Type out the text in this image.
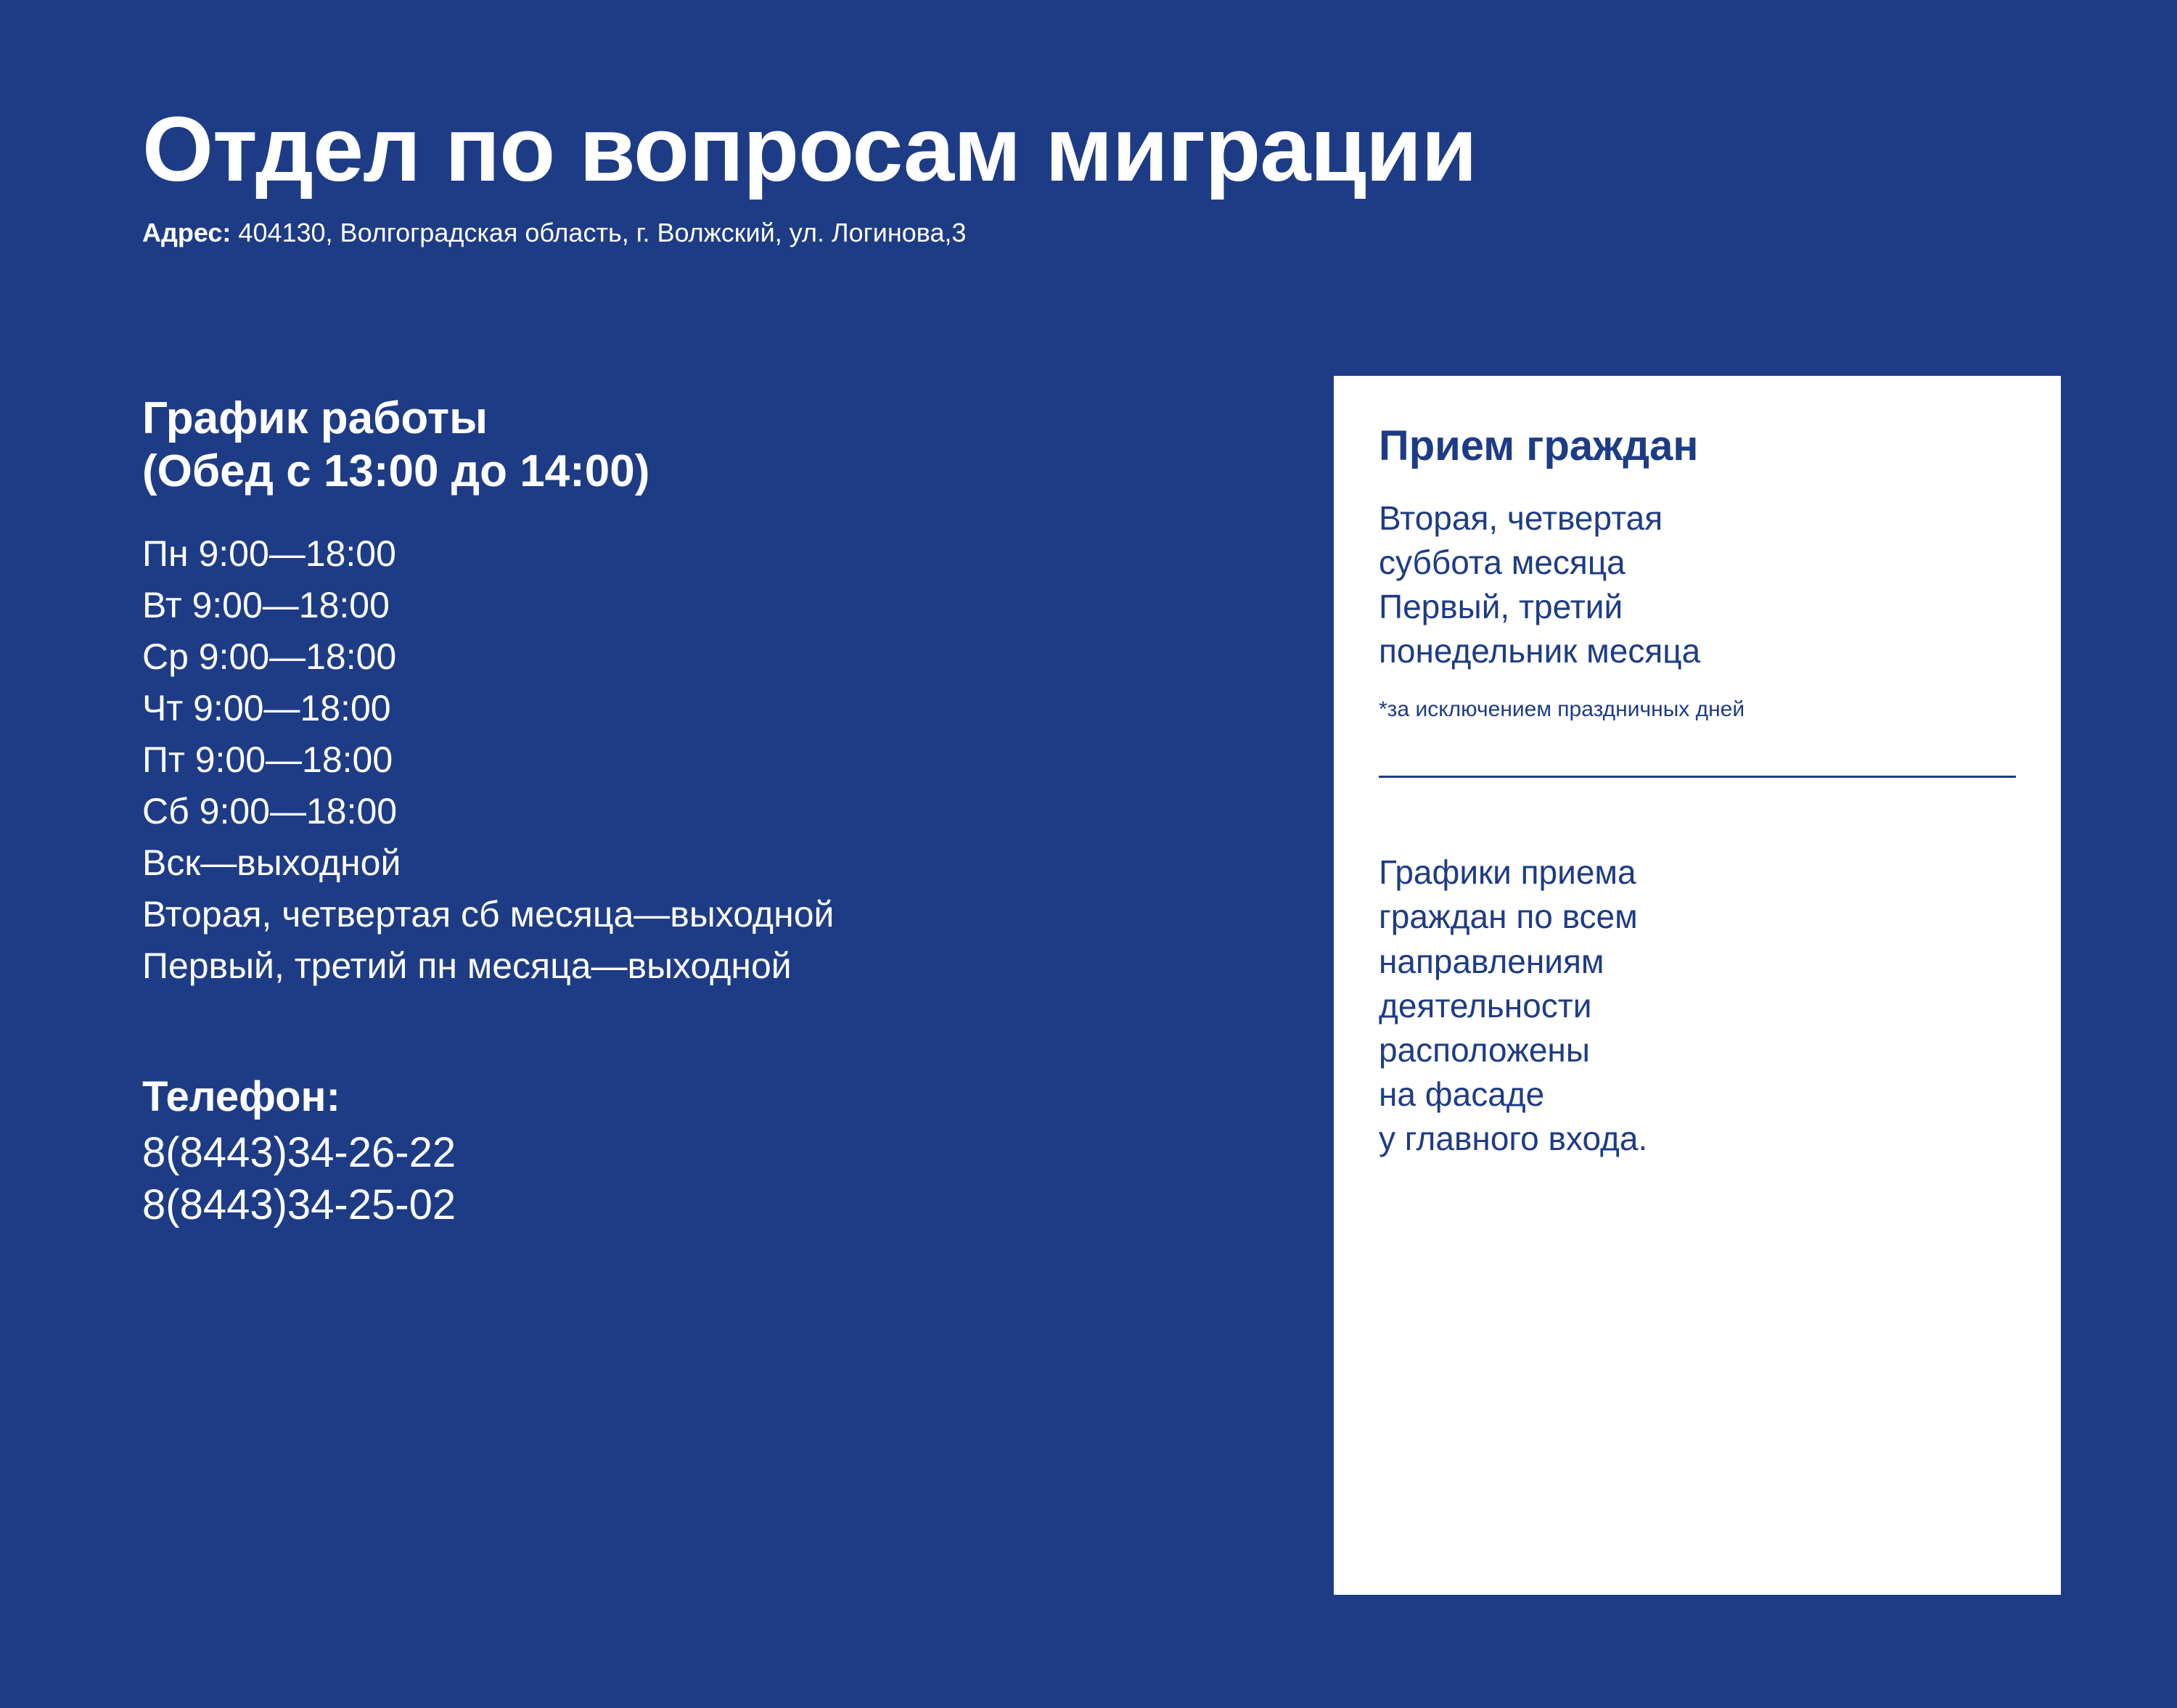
Отдел по вопросам миграции
Адрес: 404130, Волгоградская область, г. Волжский, ул. Логинова,3
График работы
(Обед с 13:00 до 14:00)
Пн 9:00—18:00
Вт 9:00—18:00
Ср 9:00—18:00
Чт 9:00—18:00
Пт 9:00—18:00
Сб 9:00—18:00
Вск—выходной
Вторая, четвертая сб месяца—выходной
Первый, третий пн месяца—выходной
Телефон:
8(8443)34-26-22
8(8443)34-25-02
Прием граждан
Вторая, четвертая
суббота месяца
Первый, третий
понедельник месяца
*за исключением праздничных дней
Графики приема
граждан по всем
направлениям
деятельности
расположены
на фасаде
у главного входа.
